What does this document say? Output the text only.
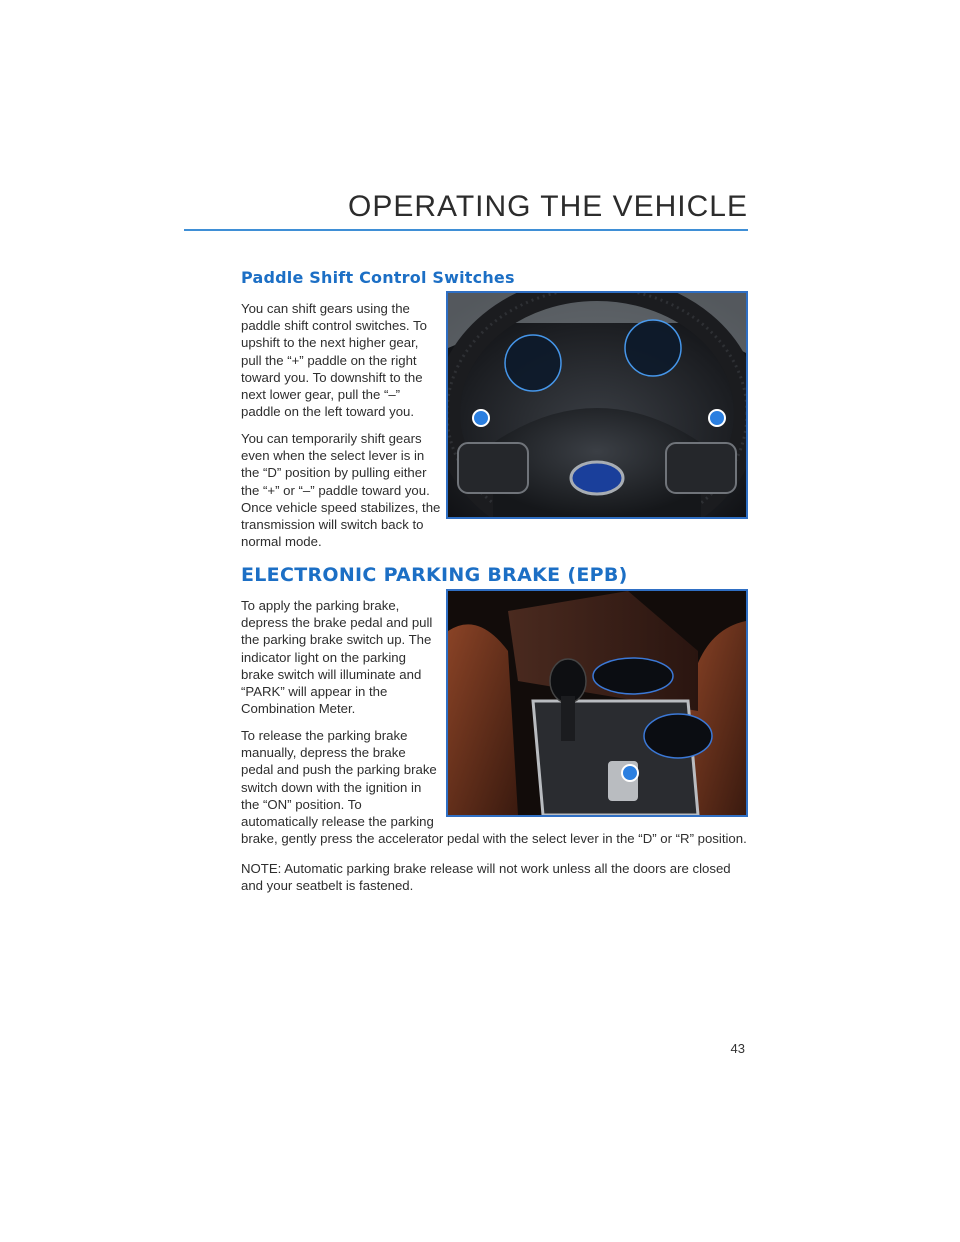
OPERATING THE VEHICLE
Paddle Shift Control Switches

You can shift gears using the paddle shift control switches. To upshift to the next higher gear, pull the “+” paddle on the right toward you. To downshift to the next lower gear, pull the “–” paddle on the left toward you.

You can temporarily shift gears even when the select lever is in the “D” position by pulling either the “+” or “–” paddle toward you. Once vehicle speed stabilizes, the transmission will switch back to normal mode.

ELECTRONIC PARKING BRAKE (EPB)

To apply the parking brake, depress the brake pedal and pull the parking brake switch up. The indicator light on the parking brake switch will illuminate and “PARK” will appear in the Combination Meter.

To release the parking brake manually, depress the brake pedal and push the parking brake switch down with the ignition in the “ON” position. To automatically release the parking

brake, gently press the accelerator pedal with the select lever in the “D” or “R” position.

NOTE: Automatic parking brake release will not work unless all the doors are closed and your seatbelt is fastened.

43
